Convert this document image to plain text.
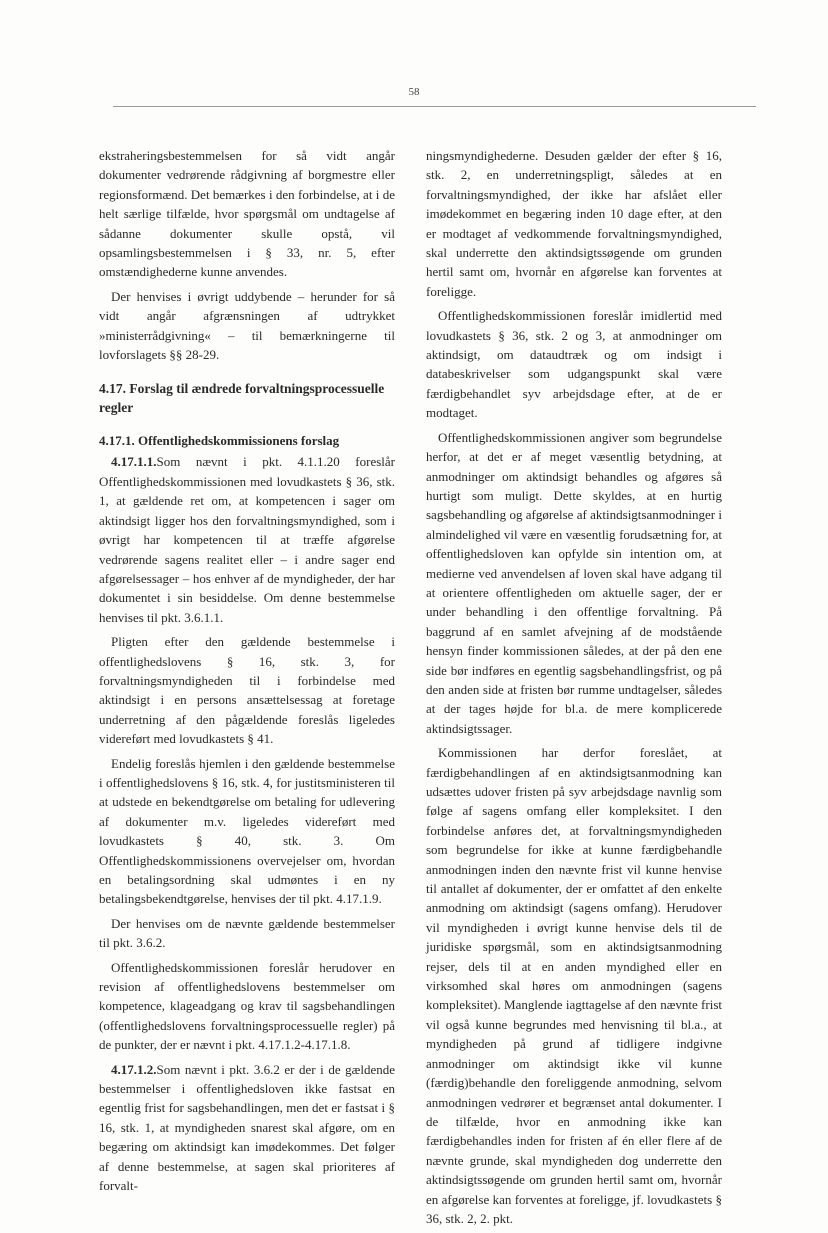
58

ekstraheringsbestemmelsen for så vidt angår dokumenter vedrørende rådgivning af borgmestre eller regionsformænd. Det bemærkes i den forbindelse, at i de helt særlige tilfælde, hvor spørgsmål om undtagelse af sådanne dokumenter skulle opstå, vil opsamlingsbestemmelsen i § 33, nr. 5, efter omstændighederne kunne anvendes.

Der henvises i øvrigt uddybende – herunder for så vidt angår afgrænsningen af udtrykket »ministerrådgivning« – til bemærkningerne til lovforslagets §§ 28-29.

4.17. Forslag til ændrede forvaltningsprocessuelle regler
4.17.1. Offentlighedskommissionens forslag

4.17.1.1.Som nævnt i pkt. 4.1.1.20 foreslår Offentlighedskommissionen med lovudkastets § 36, stk. 1, at gældende ret om, at kompetencen i sager om aktindsigt ligger hos den forvaltningsmyndighed, som i øvrigt har kompetencen til at træffe afgørelse vedrørende sagens realitet eller – i andre sager end afgørelsessager – hos enhver af de myndigheder, der har dokumentet i sin besiddelse. Om denne bestemmelse henvises til pkt. 3.6.1.1.

Pligten efter den gældende bestemmelse i offentlighedslovens § 16, stk. 3, for forvaltningsmyndigheden til i forbindelse med aktindsigt i en persons ansættelsessag at foretage underretning af den pågældende foreslås ligeledes videreført med lovudkastets § 41.

Endelig foreslås hjemlen i den gældende bestemmelse i offentlighedslovens § 16, stk. 4, for justitsministeren til at udstede en bekendtgørelse om betaling for udlevering af dokumenter m.v. ligeledes videreført med lovudkastets § 40, stk. 3. Om Offentlighedskommissionens overvejelser om, hvordan en betalingsordning skal udmøntes i en ny betalingsbekendtgørelse, henvises der til pkt. 4.17.1.9.

Der henvises om de nævnte gældende bestemmelser til pkt. 3.6.2.

Offentlighedskommissionen foreslår herudover en revision af offentlighedslovens bestemmelser om kompetence, klageadgang og krav til sagsbehandlingen (offentlighedslovens forvaltningsprocessuelle regler) på de punkter, der er nævnt i pkt. 4.17.1.2-4.17.1.8.

4.17.1.2.Som nævnt i pkt. 3.6.2 er der i de gældende bestemmelser i offentlighedsloven ikke fastsat en egentlig frist for sagsbehandlingen, men det er fastsat i § 16, stk. 1, at myndigheden snarest skal afgøre, om en begæring om aktindsigt kan imødekommes. Det følger af denne bestemmelse, at sagen skal prioriteres af forvalt-

ningsmyndighederne. Desuden gælder der efter § 16, stk. 2, en underretningspligt, således at en forvaltningsmyndighed, der ikke har afslået eller imødekommet en begæring inden 10 dage efter, at den er modtaget af vedkommende forvaltningsmyndighed, skal underrette den aktindsigtssøgende om grunden hertil samt om, hvornår en afgørelse kan forventes at foreligge.

Offentlighedskommissionen foreslår imidlertid med lovudkastets § 36, stk. 2 og 3, at anmodninger om aktindsigt, om dataudtræk og om indsigt i databeskrivelser som udgangspunkt skal være færdigbehandlet syv arbejdsdage efter, at de er modtaget.

Offentlighedskommissionen angiver som begrundelse herfor, at det er af meget væsentlig betydning, at anmodninger om aktindsigt behandles og afgøres så hurtigt som muligt. Dette skyldes, at en hurtig sagsbehandling og afgørelse af aktindsigtsanmodninger i almindelighed vil være en væsentlig forudsætning for, at offentlighedsloven kan opfylde sin intention om, at medierne ved anvendelsen af loven skal have adgang til at orientere offentligheden om aktuelle sager, der er under behandling i den offentlige forvaltning. På baggrund af en samlet afvejning af de modstående hensyn finder kommissionen således, at der på den ene side bør indføres en egentlig sagsbehandlingsfrist, og på den anden side at fristen bør rumme undtagelser, således at der tages højde for bl.a. de mere komplicerede aktindsigtssager.

Kommissionen har derfor foreslået, at færdigbehandlingen af en aktindsigtsanmodning kan udsættes udover fristen på syv arbejdsdage navnlig som følge af sagens omfang eller kompleksitet. I den forbindelse anføres det, at forvaltningsmyndigheden som begrundelse for ikke at kunne færdigbehandle anmodningen inden den nævnte frist vil kunne henvise til antallet af dokumenter, der er omfattet af den enkelte anmodning om aktindsigt (sagens omfang). Herudover vil myndigheden i øvrigt kunne henvise dels til de juridiske spørgsmål, som en aktindsigtsanmodning rejser, dels til at en anden myndighed eller en virksomhed skal høres om anmodningen (sagens kompleksitet). Manglende iagttagelse af den nævnte frist vil også kunne begrundes med henvisning til bl.a., at myndigheden på grund af tidligere indgivne anmodninger om aktindsigt ikke vil kunne (færdig)behandle den foreliggende anmodning, selvom anmodningen vedrører et begrænset antal dokumenter. I de tilfælde, hvor en anmodning ikke kan færdigbehandles inden for fristen af én eller flere af de nævnte grunde, skal myndigheden dog underrette den aktindsigtssøgende om grunden hertil samt om, hvornår en afgørelse kan forventes at foreligge, jf. lovudkastets § 36, stk. 2, 2. pkt.
